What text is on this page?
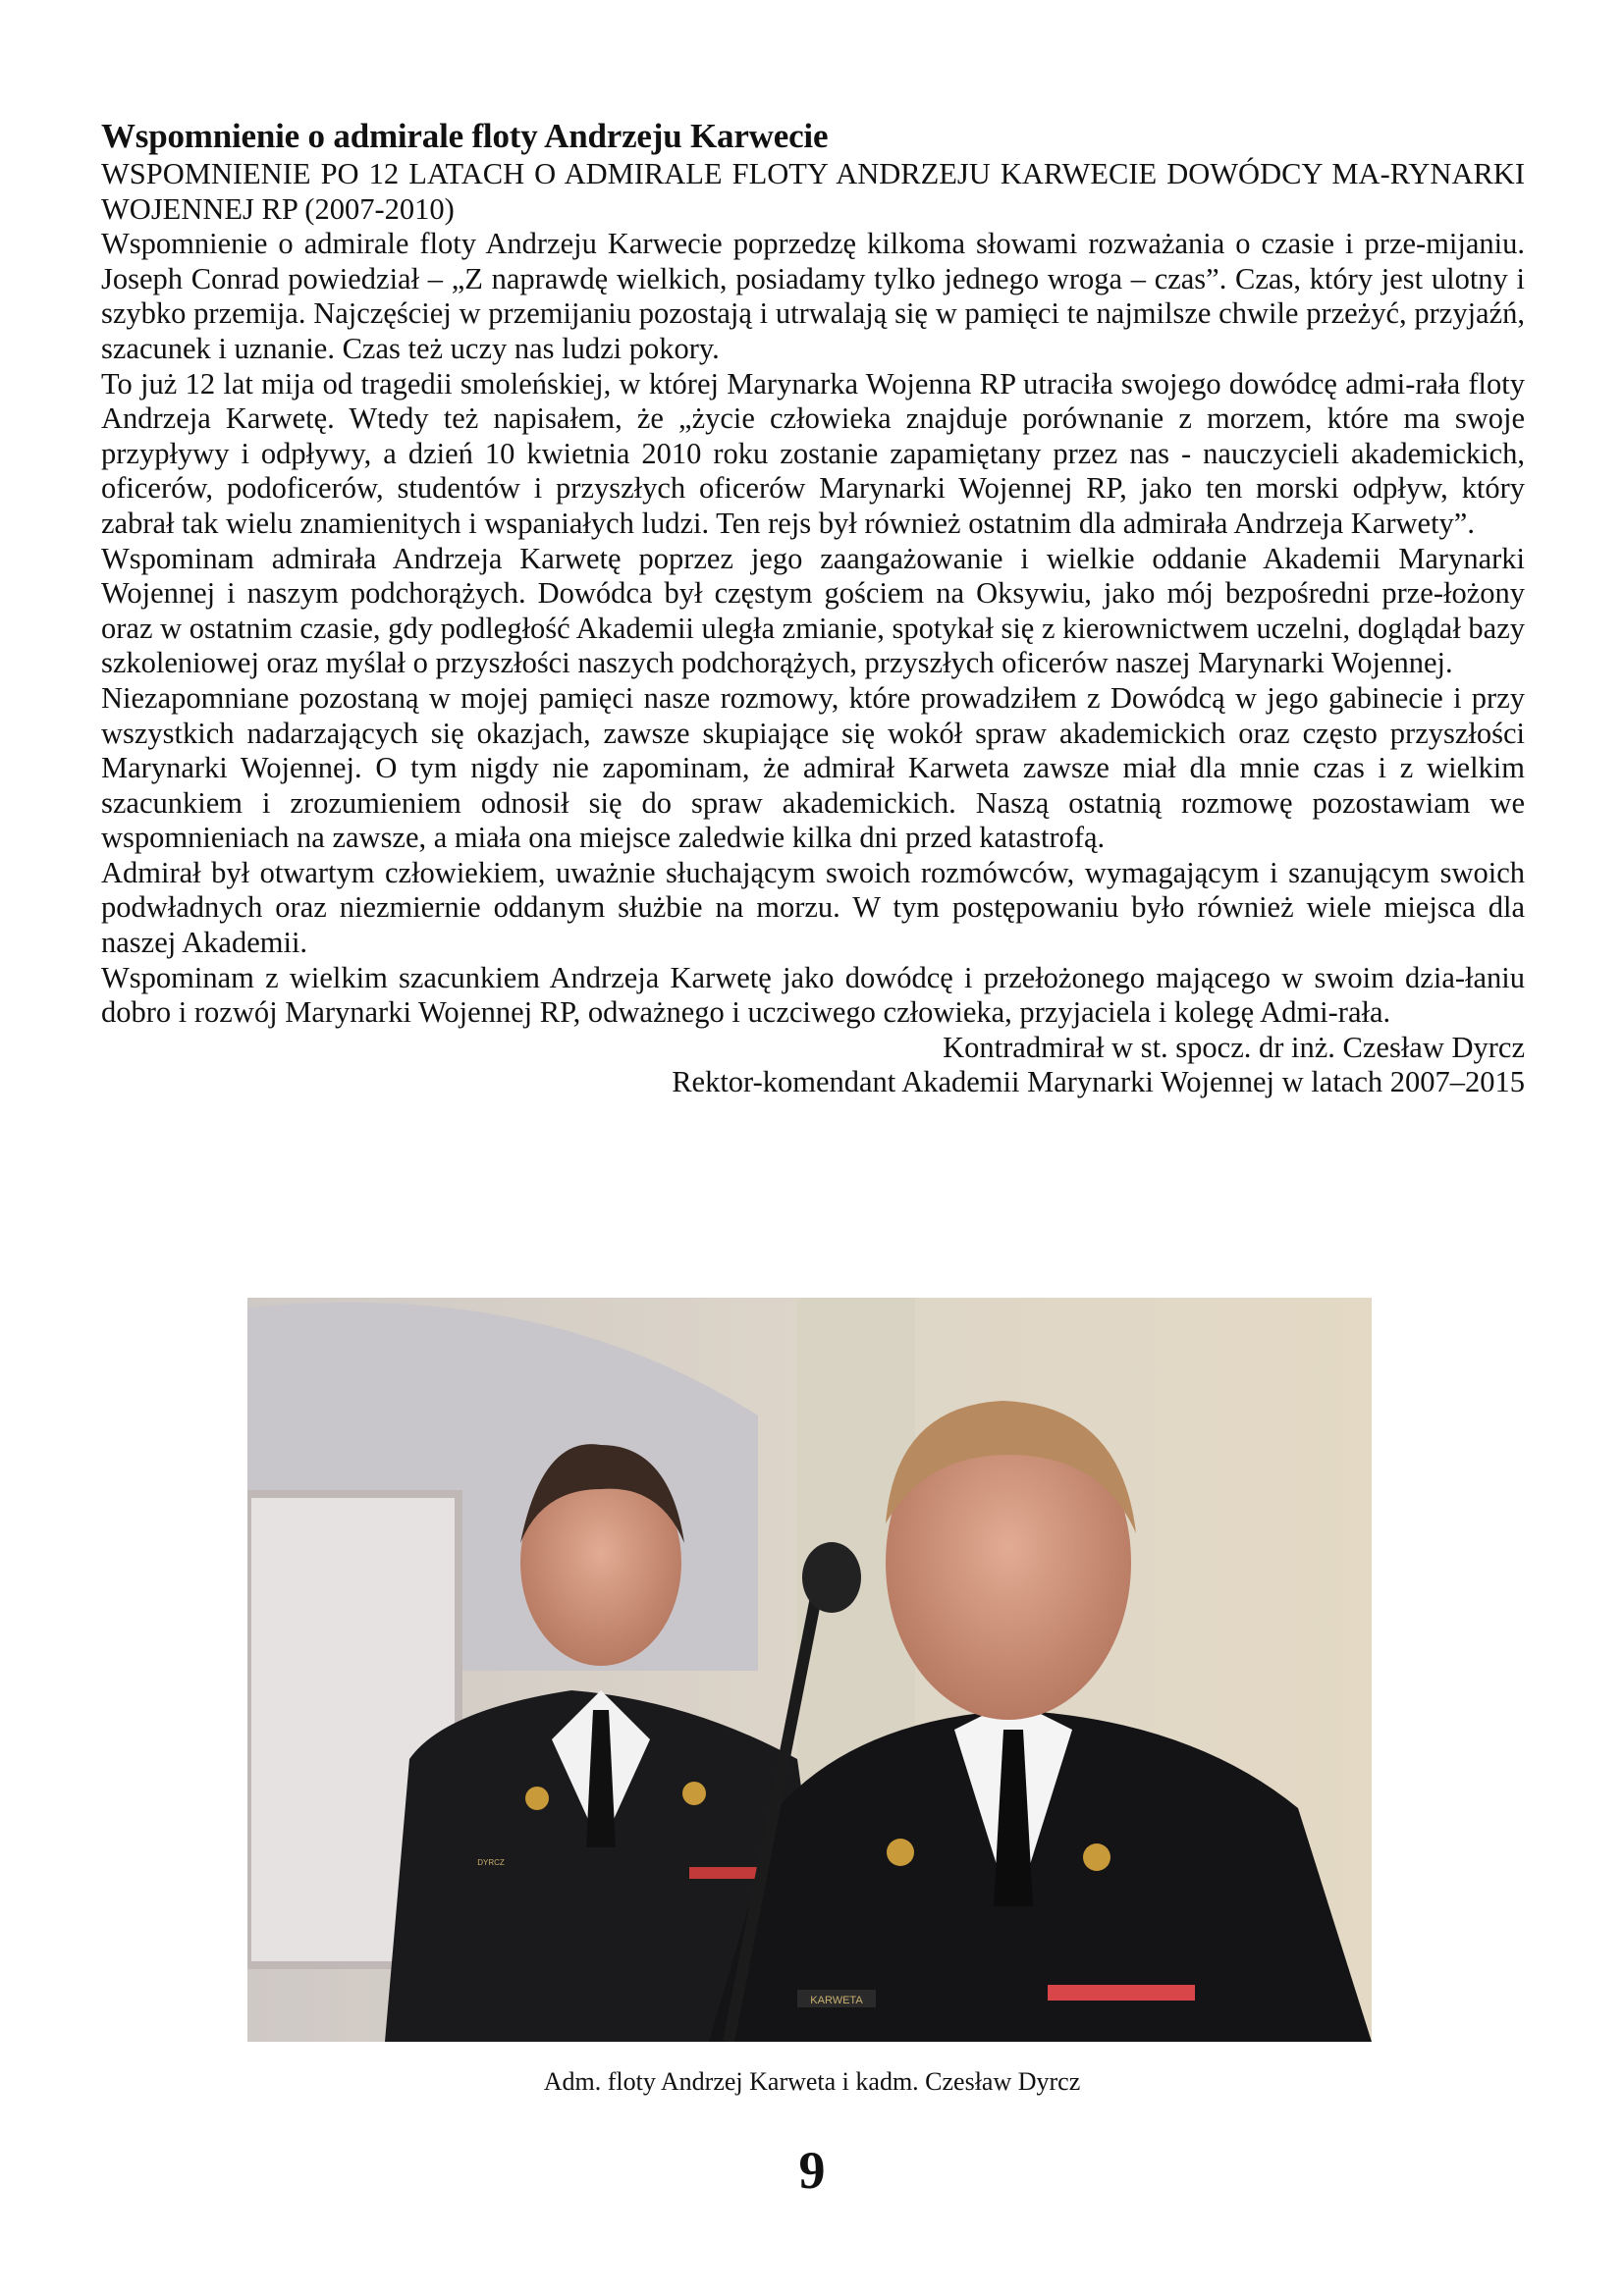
Wspomnienie o admirale floty Andrzeju Karwecie

WSPOMNIENIE PO 12 LATACH O ADMIRALE FLOTY ANDRZEJU KARWECIE DOWÓDCY MA-RYNARKI WOJENNEJ RP (2007-2010)

Wspomnienie o admirale floty Andrzeju Karwecie poprzedzę kilkoma słowami rozważania o czasie i prze-mijaniu. Joseph Conrad powiedział – „Z naprawdę wielkich, posiadamy tylko jednego wroga – czas”. Czas, który jest ulotny i szybko przemija. Najczęściej w przemijaniu pozostają i utrwalają się w pamięci te najmilsze chwile przeżyć, przyjaźń, szacunek i uznanie. Czas też uczy nas ludzi pokory.

To już 12 lat mija od tragedii smoleńskiej, w której Marynarka Wojenna RP utraciła swojego dowódcę admi-rała floty Andrzeja Karwetę. Wtedy też napisałem, że „życie człowieka znajduje porównanie z morzem, które ma swoje przypływy i odpływy, a dzień 10 kwietnia 2010 roku zostanie zapamiętany przez nas - nauczycieli akademickich, oficerów, podoficerów, studentów i przyszłych oficerów Marynarki Wojennej RP, jako ten morski odpływ, który zabrał tak wielu znamienitych i wspaniałych ludzi. Ten rejs był również ostatnim dla admirała Andrzeja Karwety”.

Wspominam admirała Andrzeja Karwetę poprzez jego zaangażowanie i wielkie oddanie Akademii Marynarki Wojennej i naszym podchorążych. Dowódca był częstym gościem na Oksywiu, jako mój bezpośredni prze-łożony oraz w ostatnim czasie, gdy podległość Akademii uległa zmianie, spotykał się z kierownictwem uczelni, doglądał bazy szkoleniowej oraz myślał o przyszłości naszych podchorążych, przyszłych oficerów naszej Marynarki Wojennej.

Niezapomniane pozostaną w mojej pamięci nasze rozmowy, które prowadziłem z Dowódcą w jego gabinecie i przy wszystkich nadarzających się okazjach, zawsze skupiające się wokół spraw akademickich oraz często przyszłości Marynarki Wojennej. O tym nigdy nie zapominam, że admirał Karweta zawsze miał dla mnie czas i z wielkim szacunkiem i zrozumieniem odnosił się do spraw akademickich. Naszą ostatnią rozmowę pozostawiam we wspomnieniach na zawsze, a miała ona miejsce zaledwie kilka dni przed katastrofą.

Admirał był otwartym człowiekiem, uważnie słuchającym swoich rozmówców, wymagającym i szanującym swoich podwładnych oraz niezmiernie oddanym służbie na morzu. W tym postępowaniu było również wiele miejsca dla naszej Akademii.

Wspominam z wielkim szacunkiem Andrzeja Karwetę jako dowódcę i przełożonego mającego w swoim dzia-łaniu dobro i rozwój Marynarki Wojennej RP, odważnego i uczciwego człowieka, przyjaciela i kolegę Admi-rała.

Kontradmirał w st. spocz. dr inż. Czesław Dyrcz

Rektor-komendant Akademii Marynarki Wojennej w latach 2007–2015

KARWETA
DYRCZ
Adm. floty Andrzej Karweta i kadm. Czesław Dyrcz
9
